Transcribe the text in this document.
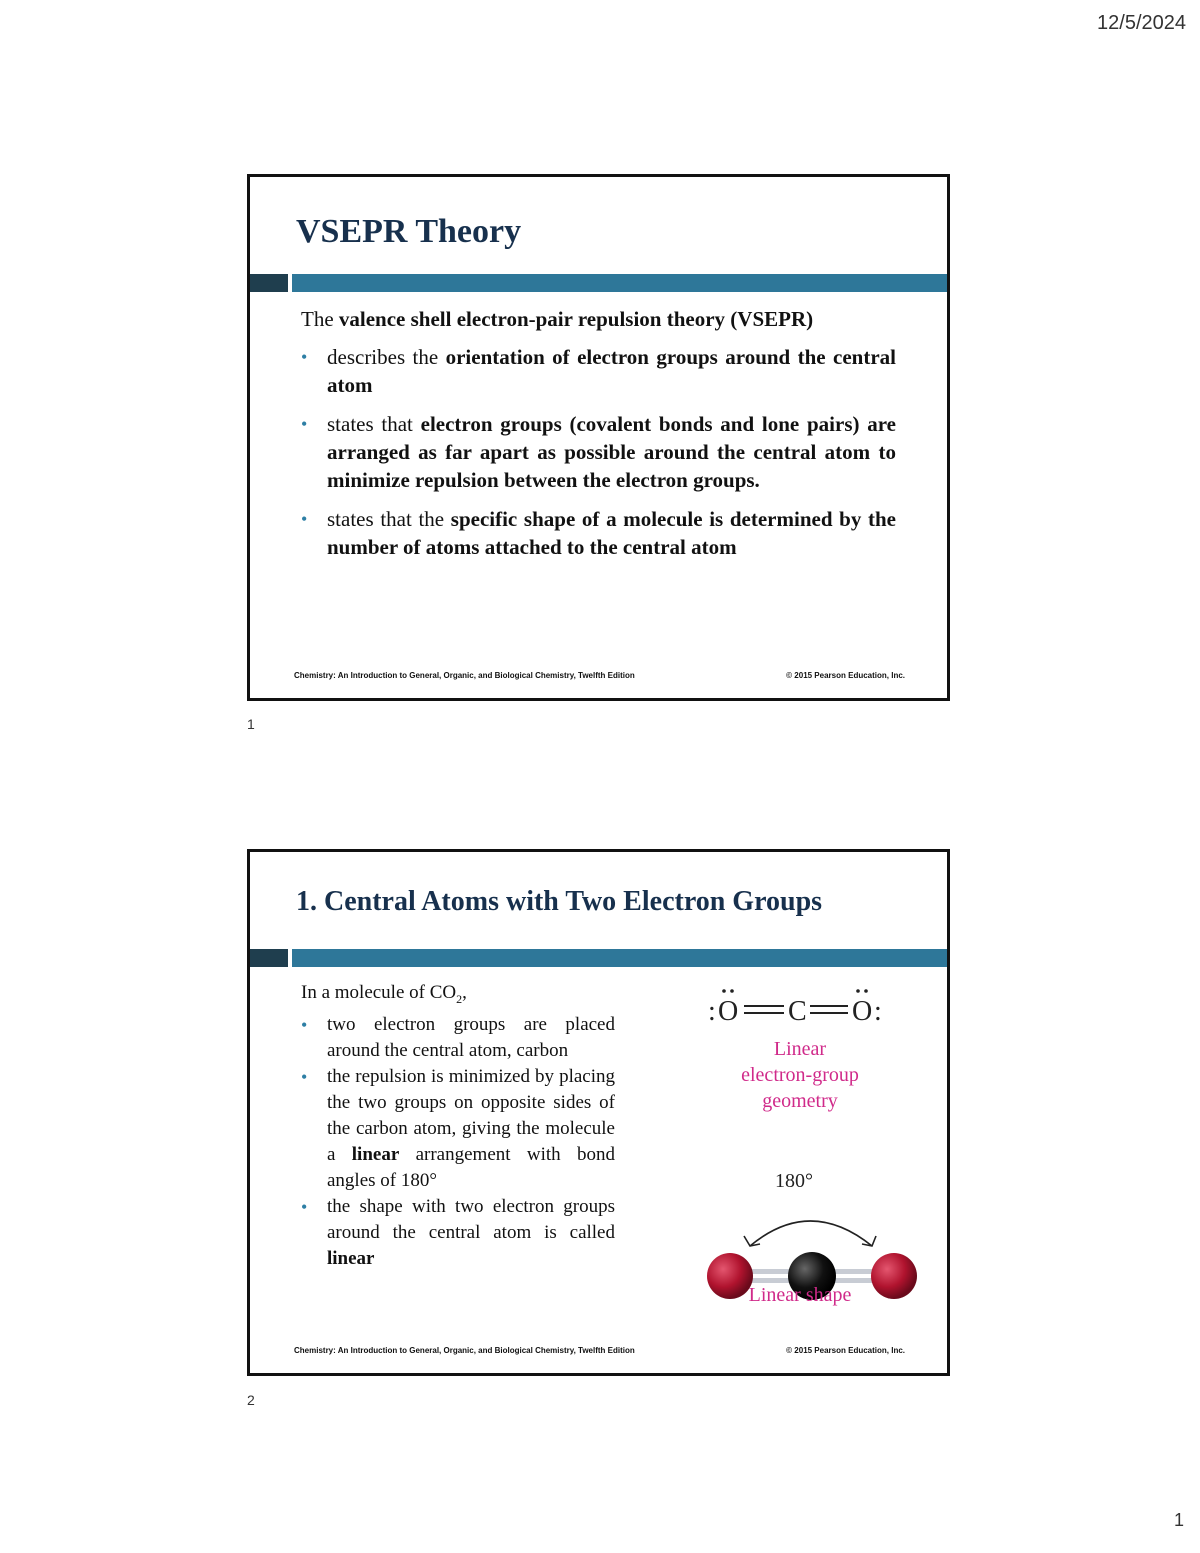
12/5/2024
VSEPR Theory

The valence shell electron-pair repulsion theory (VSEPR)

• describes the orientation of electron groups around the central atom
• states that electron groups (covalent bonds and lone pairs) are arranged as far apart as possible around the central atom to minimize repulsion between the electron groups.
• states that the specific shape of a molecule is determined by the number of atoms attached to the central atom
Chemistry: An Introduction to General, Organic, and Biological Chemistry, Twelfth Edition	© 2015 Pearson Education, Inc.
1
1. Central Atoms with Two Electron Groups

In a molecule of $CO_2$,

• two electron groups are placed around the central atom, carbon
• the repulsion is minimized by placing the two groups on opposite sides of the carbon atom, giving the molecule a linear arrangement with bond angles of 180°
• the shape with two electron groups around the central atom is called linear
: O C O :
Linear
electron-group
geometry
180°
Linear shape
Chemistry: An Introduction to General, Organic, and Biological Chemistry, Twelfth Edition	© 2015 Pearson Education, Inc.
2
1
